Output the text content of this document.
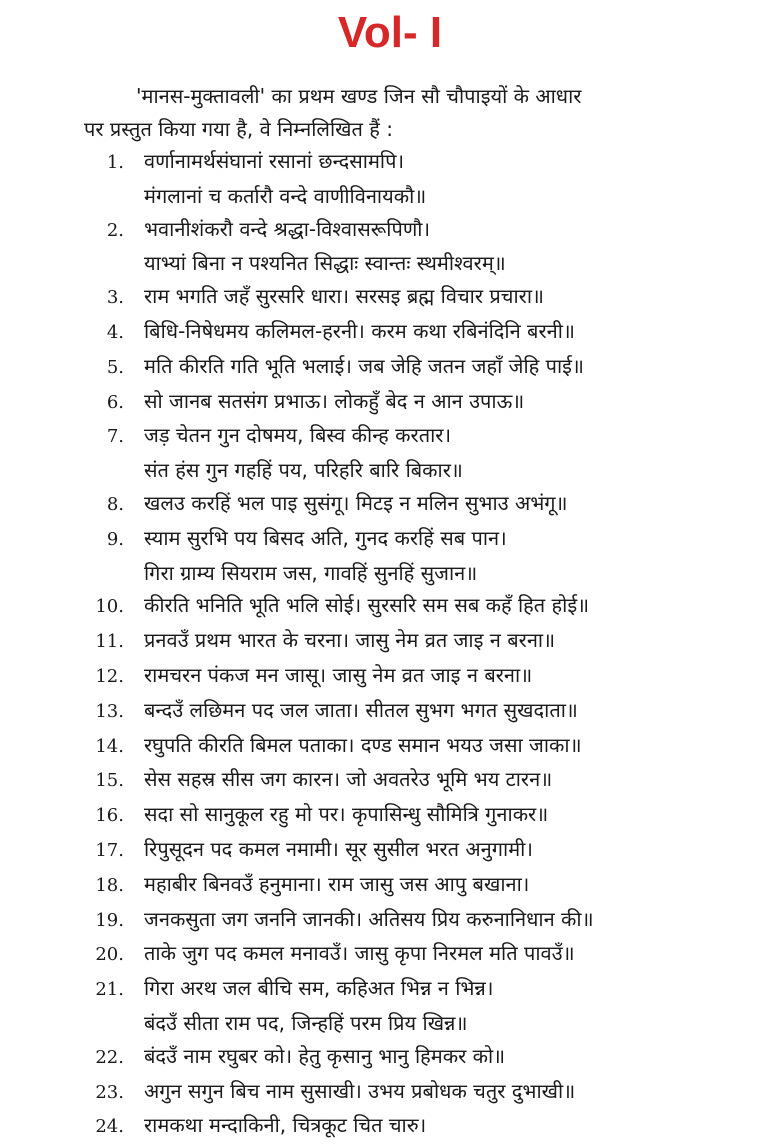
Vol- I

'मानस-मुक्तावली' का प्रथम खण्ड जिन सौ चौपाइयों के आधार

पर प्रस्तुत किया गया है, वे निम्नलिखित हैं :

1.	वर्णानामर्थसंघानां रसानां छन्दसामपि।
मंगलानां च कर्तारौ वन्दे वाणीविनायकौ॥
2.	भवानीशंकरौ वन्दे श्रद्धा-विश्वासरूपिणौ।
याभ्यां बिना न पश्यनित सिद्धाः स्वान्तः स्थमीश्वरम्॥
3.	राम भगति जहँ सुरसरि धारा। सरसइ ब्रह्म विचार प्रचारा॥
4.	बिधि-निषेधमय कलिमल-हरनी। करम कथा रबिनंदिनि बरनी॥
5.	मति कीरति गति भूति भलाई। जब जेहि जतन जहाँ जेहि पाई॥
6.	सो जानब सतसंग प्रभाऊ। लोकहुँ बेद न आन उपाऊ॥
7.	जड़ चेतन गुन दोषमय, बिस्व कीन्ह करतार।
संत हंस गुन गहहिं पय, परिहरि बारि बिकार॥
8.	खलउ करहिं भल पाइ सुसंगू। मिटइ न मलिन सुभाउ अभंगू॥
9.	स्याम सुरभि पय बिसद अति, गुनद करहिं सब पान।
गिरा ग्राम्य सियराम जस, गावहिं सुनहिं सुजान॥
10.	कीरति भनिति भूति भलि सोई। सुरसरि सम सब कहँ हित होई॥
11.	प्रनवउँ प्रथम भारत के चरना। जासु नेम व्रत जाइ न बरना॥
12.	रामचरन पंकज मन जासू। जासु नेम व्रत जाइ न बरना॥
13.	बन्दउँ लछिमन पद जल जाता। सीतल सुभग भगत सुखदाता॥
14.	रघुपति कीरति बिमल पताका। दण्ड समान भयउ जसा जाका॥
15.	सेस सहस्र सीस जग कारन। जो अवतरेउ भूमि भय टारन॥
16.	सदा सो सानुकूल रहु मो पर। कृपासिन्धु सौमित्रि गुनाकर॥
17.	रिपुसूदन पद कमल नमामी। सूर सुसील भरत अनुगामी।
18.	महाबीर बिनवउँ हनुमाना। राम जासु जस आपु बखाना।
19.	जनकसुता जग जननि जानकी। अतिसय प्रिय करुनानिधान की॥
20.	ताके जुग पद कमल मनावउँ। जासु कृपा निरमल मति पावउँ॥
21.	गिरा अरथ जल बीचि सम, कहिअत भिन्न न भिन्न।
बंदउँ सीता राम पद, जिन्हहिं परम प्रिय खिन्न॥
22.	बंदउँ नाम रघुबर को। हेतु कृसानु भानु हिमकर को॥
23.	अगुन सगुन बिच नाम सुसाखी। उभय प्रबोधक चतुर दुभाखी॥
24.	रामकथा मन्दाकिनी, चित्रकूट चित चारु।
